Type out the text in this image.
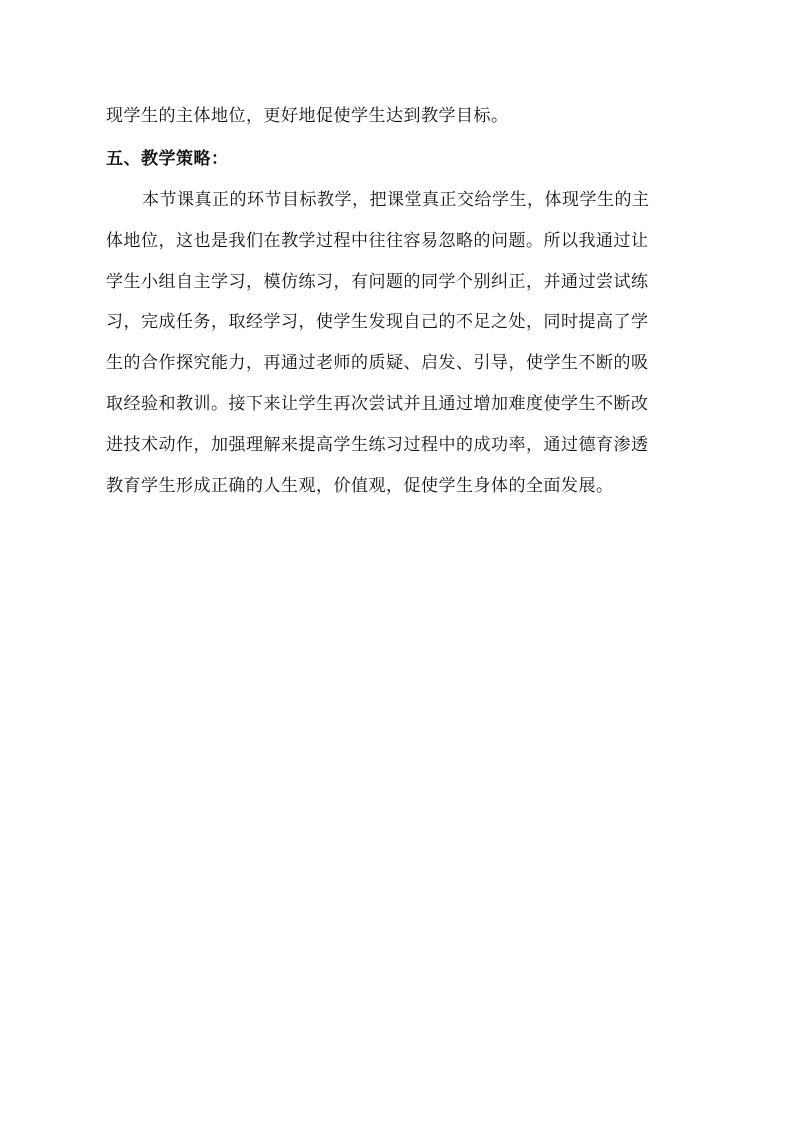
现学生的主体地位，更好地促使学生达到教学目标。
五、教学策略：
本节课真正的环节目标教学，把课堂真正交给学生，体现学生的主
体地位，这也是我们在教学过程中往往容易忽略的问题。所以我通过让
学生小组自主学习，模仿练习，有问题的同学个别纠正，并通过尝试练
习，完成任务，取经学习，使学生发现自己的不足之处，同时提高了学
生的合作探究能力，再通过老师的质疑、启发、引导，使学生不断的吸
取经验和教训。接下来让学生再次尝试并且通过增加难度使学生不断改
进技术动作，加强理解来提高学生练习过程中的成功率，通过德育渗透
教育学生形成正确的人生观，价值观，促使学生身体的全面发展。
